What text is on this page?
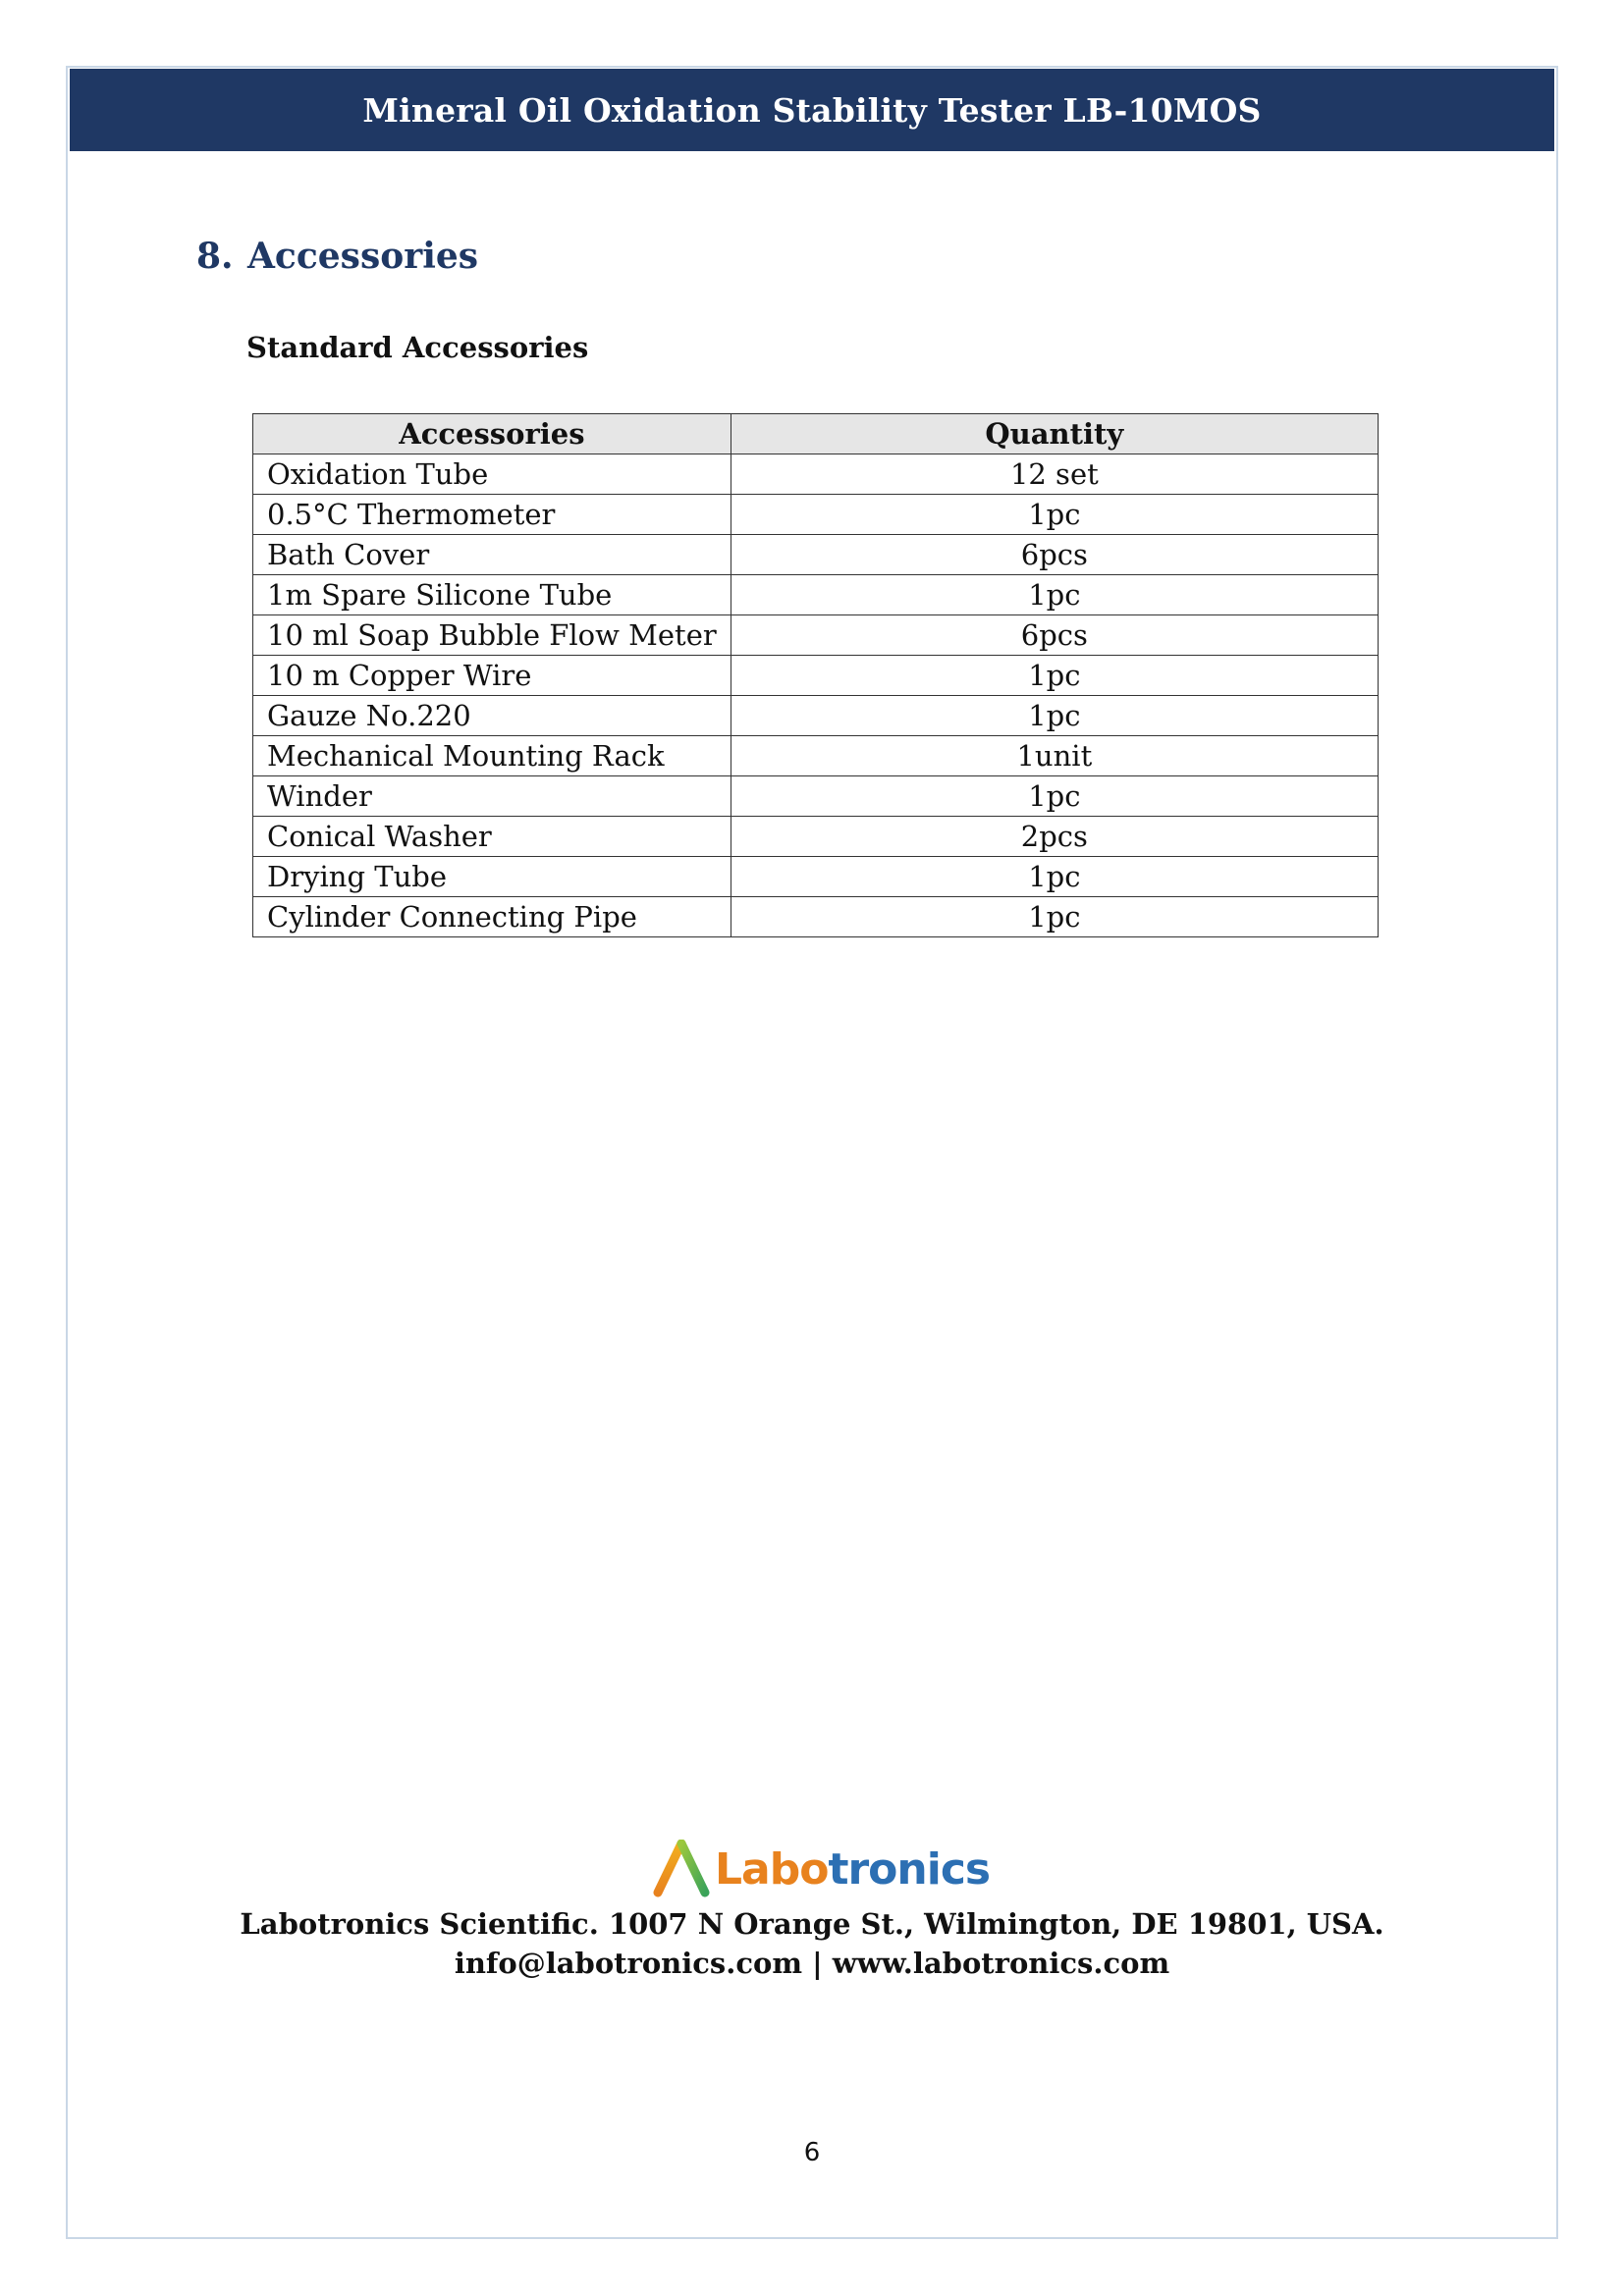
Mineral Oil Oxidation Stability Tester LB-10MOS
8. Accessories
Standard Accessories
Accessories	Quantity
Oxidation Tube	12 set
0.5°C Thermometer	1pc
Bath Cover	6pcs
1m Spare Silicone Tube	1pc
10 ml Soap Bubble Flow Meter	6pcs
10 m Copper Wire	1pc
Gauze No.220	1pc
Mechanical Mounting Rack	1unit
Winder	1pc
Conical Washer	2pcs
Drying Tube	1pc
Cylinder Connecting Pipe	1pc
Labotronics
Labotronics Scientific. 1007 N Orange St., Wilmington, DE 19801, USA.
info@labotronics.com | www.labotronics.com
6
